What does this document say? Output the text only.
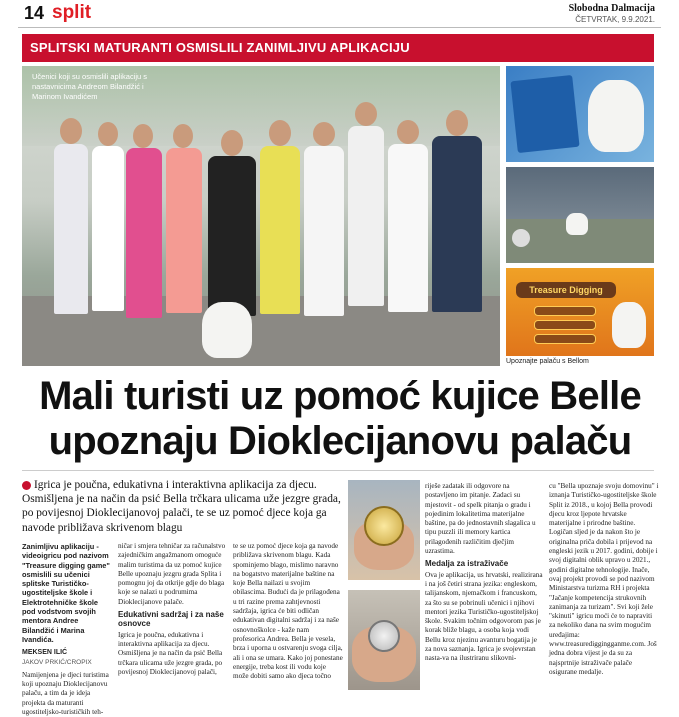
14 split	Slobodna Dalmacija
ČETVRTAK, 9.9.2021.
SPLITSKI MATURANTI OSMISLILI ZANIMLJIVU APLIKACIJU
Učenici koji su osmislili aplikaciju s nastavnicima Andreom Bilandžić i Marinom Ivandićem
Treasure Digging
Upoznajte palaču s Bellom
Mali turisti uz pomoć kujice Belle
upoznaju Dioklecijanovu palaču
Igrica je poučna, edukativna i interaktivna aplikacija za djecu. Osmišljena je na način da psić Bella trčkara ulicama uže jezgre grada, po povijesnoj Dioklecijanovoj palači, te se uz pomoć djece koja ga navode približava skrivenom blagu
Zanimljivu aplikaciju - videoigricu pod nazivom "Treasure digging game" osmislili su učenici splitske Turističko-ugostiteljske škole i Elektrotehničke škole pod vodstvom svojih mentora Andree Bilandžić i Marina Ivandića.
MEKSEN ILIĆ
JAKOV PRKIĆ/CROPIX
Namijenjena je djeci turistima koji upoznaju Dioklecijanovu palaču, a tim da je ideja projekta da maturanti ugostiteljsko-turističkih teh-
ničar i smjera tehničar za računalstvo zajedničkim angažmanom omoguće malim turistima da uz pomoć kujice Belle upoznaju jezgru grada Splita i pomognu joj da otkrije gdje do blaga koje se nalazi u podrumima Dioklecijanove palače.
Edukativni sadržaj i za naše osnovce
Igrica je poučna, edukativna i interaktivna aplikacija za djecu. Osmišljena je na način da psić Bella trčkara ulicama uže jezgre grada, po povijesnoj Dioklecijanovoj palači,
te se uz pomoć djece koja ga navode približava skrivenom blagu. Kada spominjemo blago, mislimo naravno na bogatstvo materijalne baštine na koje Bella nailazi u svojim obilascima. Budući da je prilagođena u tri razine prema zahtjevnosti sadržaja, igrica će biti odličan edukativan digitalni sadržaj i za naše osnovnoškolce - kaže nam profesorica Andrea. Bella je vesela, brza i uporna u ostvarenju svoga cilja, ali i ona se umara. Kako joj ponestane energije, treba kost ili vodu koje može dobiti samo ako djeca točno
riješe zadatak ili odgovore na postavljeno im pitanje. Zadaci su mjestovit - od spelk pitanja o gradu i pojedinim lokalitetima materijalne baštine, pa do jednostavnih slagalica u tipu puzzli ili memory kartica prilagođenih različitim dječjim uzrastima.
Medalja za istraživače
Ova je aplikacija, us hrvatski, realizirana i na još četiri strana jezika: engleskom, talijanskom, njemačkom i francuskom, za što su se pobrinuli učenici i njihovi mentori jezika Turističko-ugostiteljskoj škole. Svakim točnim odgovorom pas je korak bliže blagu, a osoba koja vodi Bellu kroz njezinu avanturu bogatija je za nova saznanja. Igrica je svojevrstan nasta-va na ilustriranu slikovni-
cu "Bella upoznaje svoju domovinu" i iznanja Turističko-ugostiteljske škole Split iz 2018., u kojoj Bella provodi djecu kroz ljepote hrvatske materijalne i prirodne baštine. Logičan sljed je da nakon što je originalna priča dobila i prijevod na engleski jezik u 2017. godini, dobije i svoj digitalni oblik upravo u 2021., godini digitalne tehnologije. Inače, ovaj projekt provodi se pod nazivom Ministarstva turizma RH i projekta "Jačanje kompetencija strukovnih zanimanja za turizam". Svi koji žele "skinuti" igricu moći će to napraviti za nekoliko dana na svim mogućim uređajima: www.treasurediggingganme.com. Još jedna dobra vijest je da su za najsprtnije istraživače palače osigurane medalje.
